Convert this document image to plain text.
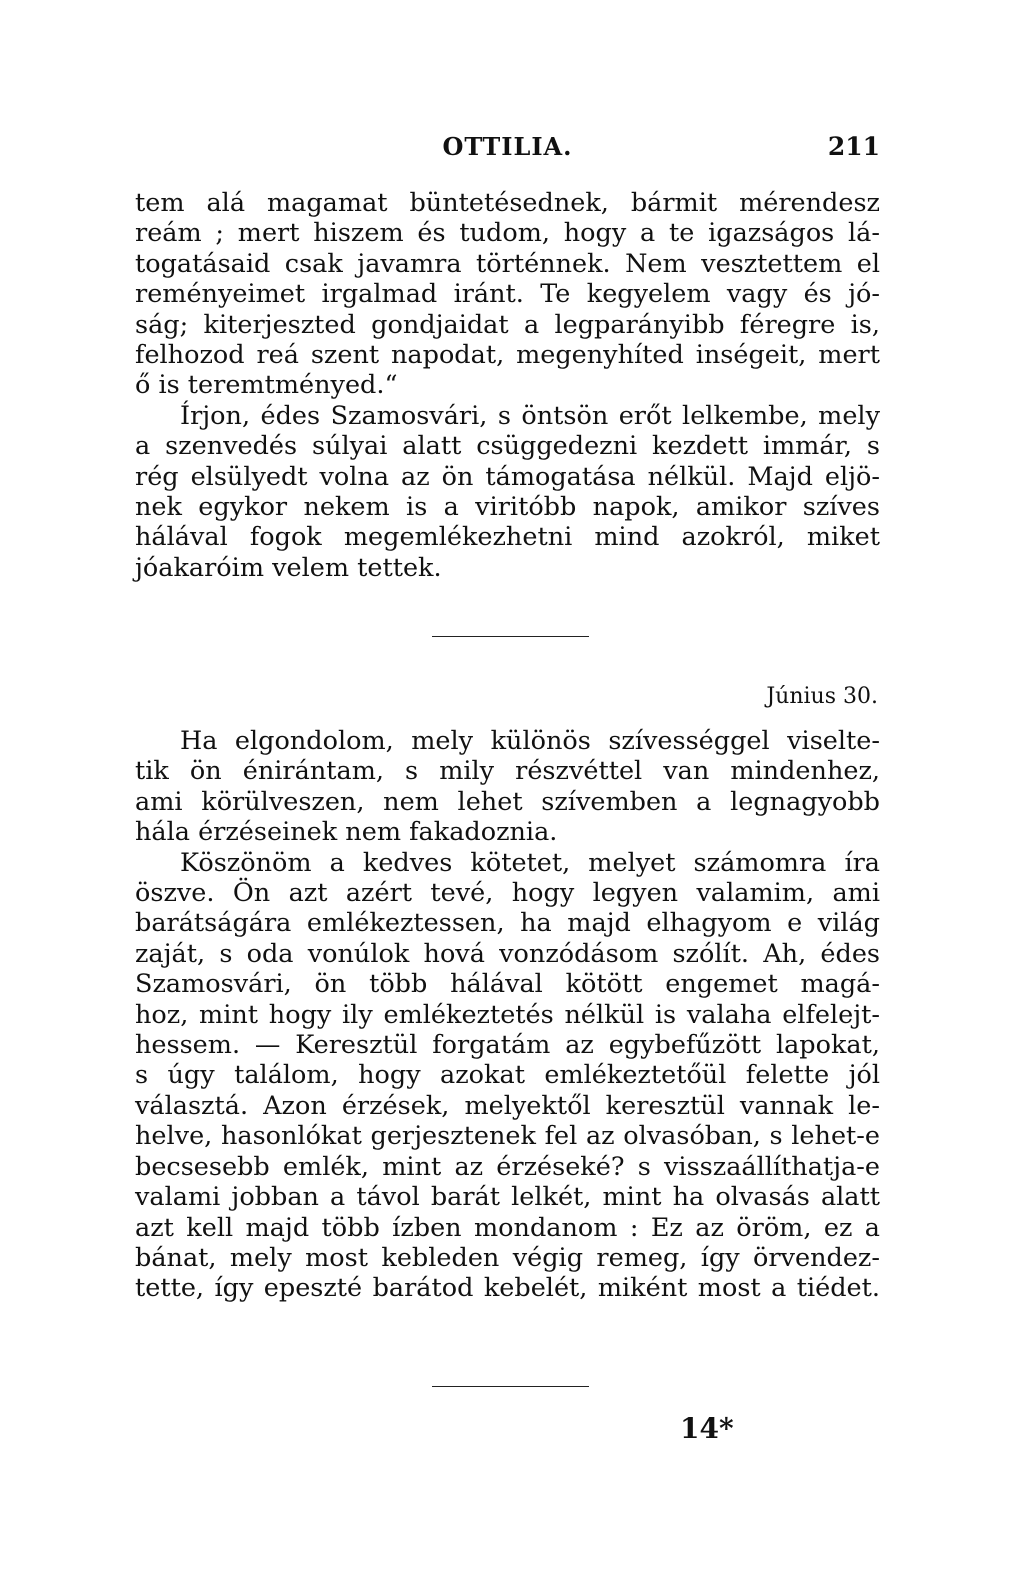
OTTILIA.	211
tem alá magamat büntetésednek, bármit mérendesz
reám ; mert hiszem és tudom, hogy a te igazságos lá-
togatásaid csak javamra történnek. Nem vesztettem el
reményeimet irgalmad iránt. Te kegyelem vagy és jó-
ság; kiterjeszted gondjaidat a legparányibb féregre is,
felhozod reá szent napodat, megenyhíted inségeit, mert
ő is teremtményed.“
Írjon, édes Szamosvári, s öntsön erőt lelkembe, mely
a szenvedés súlyai alatt csüggedezni kezdett immár, s
rég elsülyedt volna az ön támogatása nélkül. Majd eljö-
nek egykor nekem is a viritóbb napok, amikor szíves
hálával fogok megemlékezhetni mind azokról, miket
jóakaróim velem tettek.
Június 30.
Ha elgondolom, mely különös szívességgel viselte-
tik ön énirántam, s mily részvéttel van mindenhez,
ami körülveszen, nem lehet szívemben a legnagyobb
hála érzéseinek nem fakadoznia.
Köszönöm a kedves kötetet, melyet számomra íra
öszve. Ön azt azért tevé, hogy legyen valamim, ami
barátságára emlékeztessen, ha majd elhagyom e világ
zaját, s oda vonúlok hová vonzódásom szólít. Ah, édes
Szamosvári, ön több hálával kötött engemet magá-
hoz, mint hogy ily emlékeztetés nélkül is valaha elfelejt-
hessem. — Keresztül forgatám az egybefűzött lapokat,
s úgy találom, hogy azokat emlékeztetőül felette jól
választá. Azon érzések, melyektől keresztül vannak le-
helve, hasonlókat gerjesztenek fel az olvasóban, s lehet-e
becsesebb emlék, mint az érzéseké? s visszaállíthatja-e
valami jobban a távol barát lelkét, mint ha olvasás alatt
azt kell majd több ízben mondanom : Ez az öröm, ez a
bánat, mely most kebleden végig remeg, így örvendez-
tette, így epeszté barátod kebelét, miként most a tiédet.
14*
